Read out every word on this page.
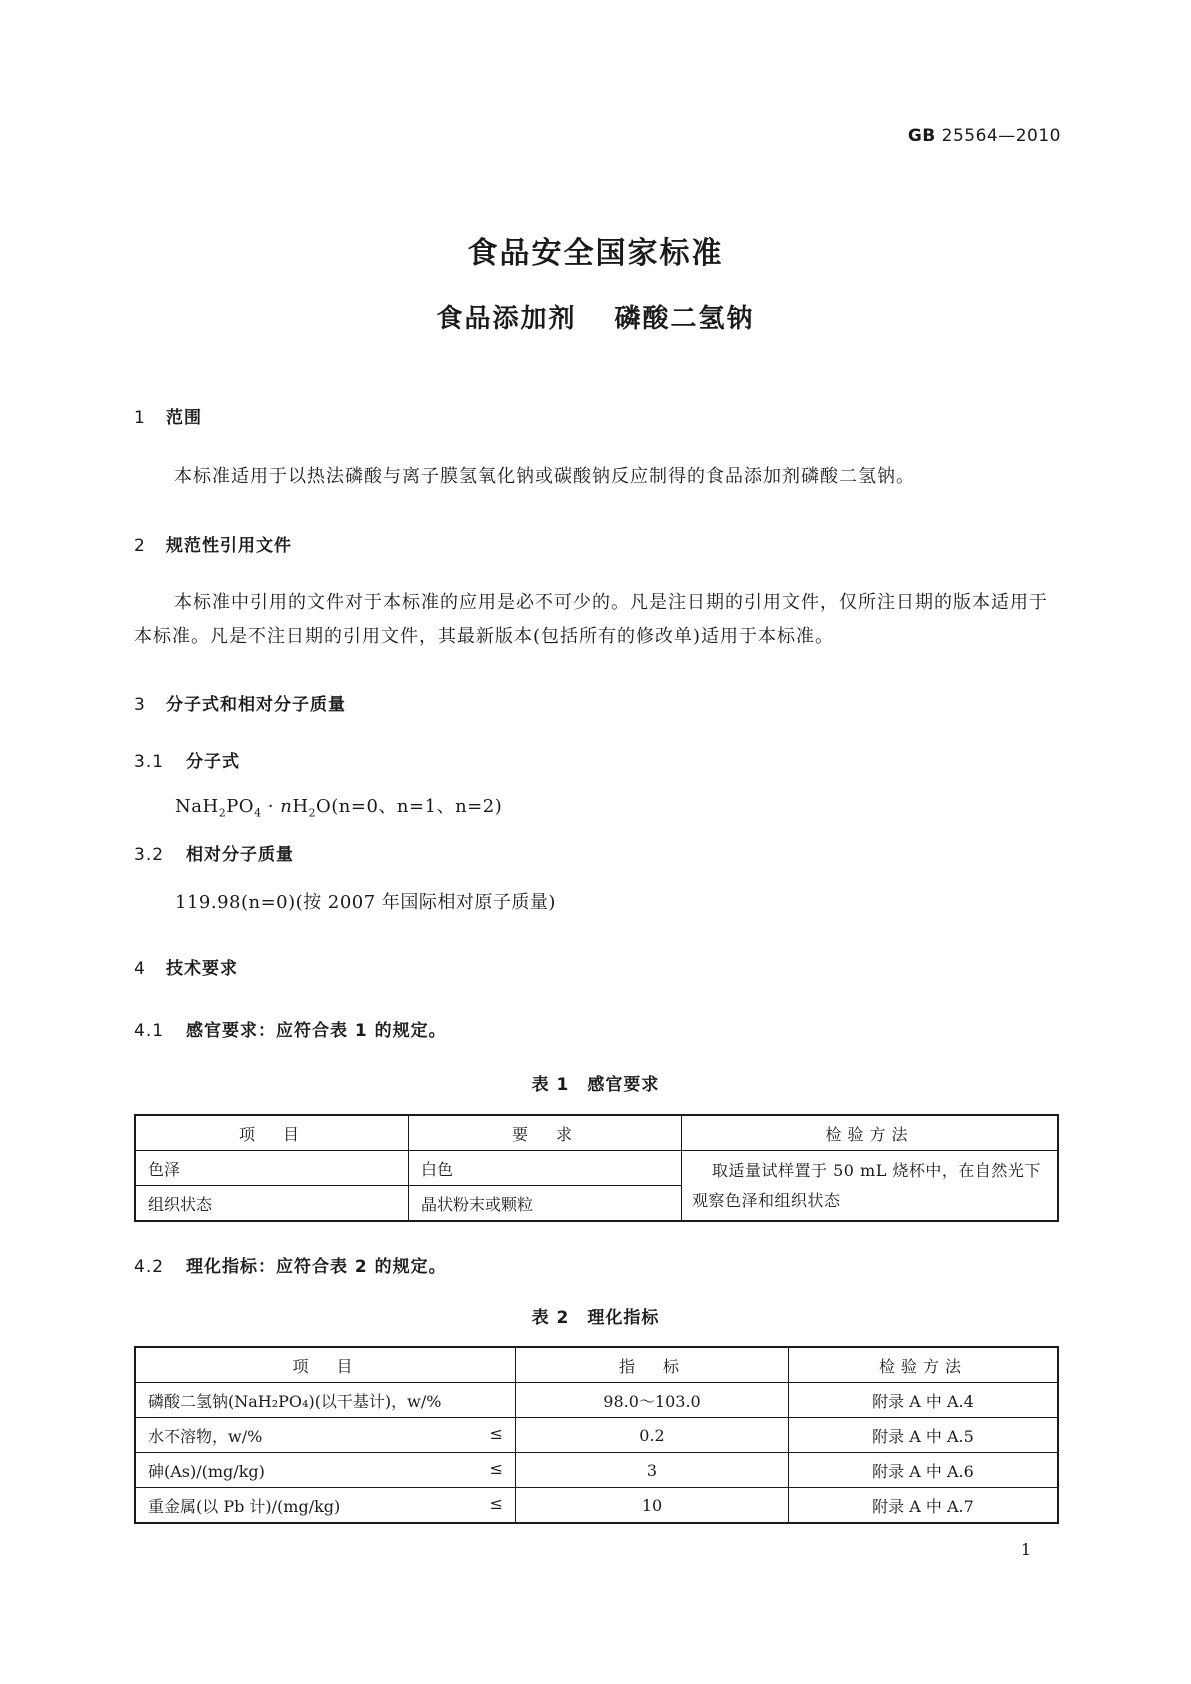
GB 25564—2010
食品安全国家标准
食品添加剂 磷酸二氢钠
1 范围
本标准适用于以热法磷酸与离子膜氢氧化钠或碳酸钠反应制得的食品添加剂磷酸二氢钠。
2 规范性引用文件
本标准中引用的文件对于本标准的应用是必不可少的。凡是注日期的引用文件，仅所注日期的版本适用于本标准。凡是不注日期的引用文件，其最新版本(包括所有的修改单)适用于本标准。
3 分子式和相对分子质量
3.1 分子式
$NaH_2PO_4 \cdot nH_2O(n=0$、n=1、n=2)
3.2 相对分子质量
119.98(n=0)(按 2007 年国际相对原子质量)
4 技术要求
4.1 感官要求：应符合表 1 的规定。
表 1　感官要求
项　目	要　求	检验方法
色泽	白色	取适量试样置于 50 mL 烧杯中，在自然光下观察色泽和组织状态
组织状态	晶状粉末或颗粒	
4.2 理化指标：应符合表 2 的规定。
表 2　理化指标
项　目	指　标	检验方法
磷酸二氢钠(NaH₂PO₄)(以干基计)，w/%	98.0～103.0	附录 A 中 A.4
水不溶物，w/% ≤	0.2	附录 A 中 A.5
砷(As)/(mg/kg) ≤	3	附录 A 中 A.6
重金属(以 Pb 计)/(mg/kg) ≤	10	附录 A 中 A.7
1
